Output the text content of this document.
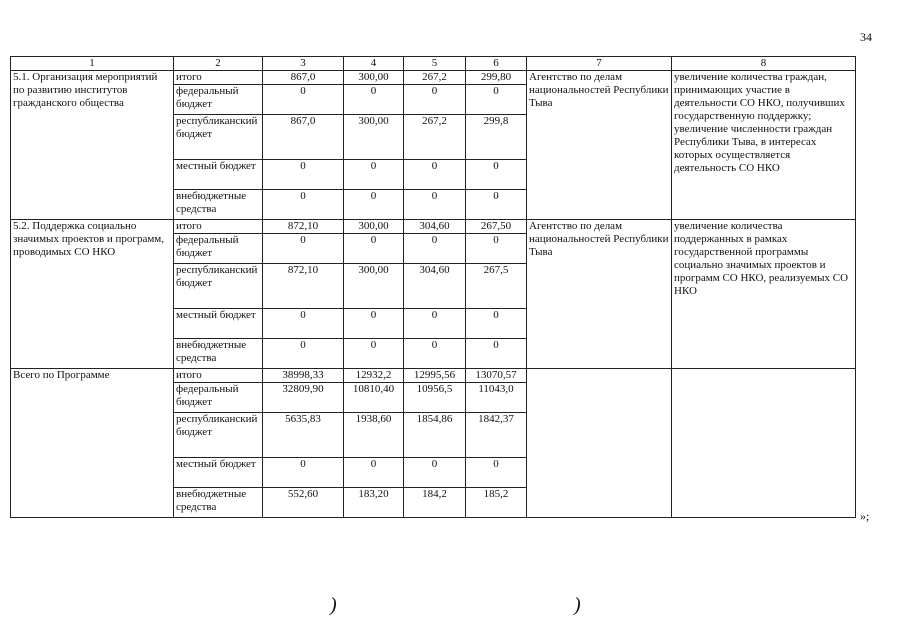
34
1	2	3	4	5	6	7	8
5.1. Организация мероприятий по развитию институтов гражданского общества	итого	867,0	300,00	267,2	299,80	Агентство по делам национальностей Республики Тыва	увеличение количества граждан, принимающих участие в деятельности СО НКО, получивших государственную поддержку; увеличение численности граждан Республики Тыва, в интересах которых осуществляется деятельность СО НКО
	федеральный бюджет	0	0	0	0		
	республиканский бюджет	867,0	300,00	267,2	299,8		
	местный бюджет	0	0	0	0		
	внебюджетные средства	0	0	0	0		
5.2. Поддержка социально значимых проектов и программ, проводимых СО НКО	итого	872,10	300,00	304,60	267,50	Агентство по делам национальностей Республики Тыва	увеличение количества поддержанных в рамках государственной программы социально значимых проектов и программ СО НКО, реализуемых СО НКО
	федеральный бюджет	0	0	0	0		
	республиканский бюджет	872,10	300,00	304,60	267,5		
	местный бюджет	0	0	0	0		
	внебюджетные средства	0	0	0	0		
Всего по Программе	итого	38998,33	12932,2	12995,56	13070,57		
	федеральный бюджет	32809,90	10810,40	10956,5	11043,0		
	республиканский бюджет	5635,83	1938,60	1854,86	1842,37		
	местный бюджет	0	0	0	0		
	внебюджетные средства	552,60	183,20	184,2	185,2		
»;
)	)
